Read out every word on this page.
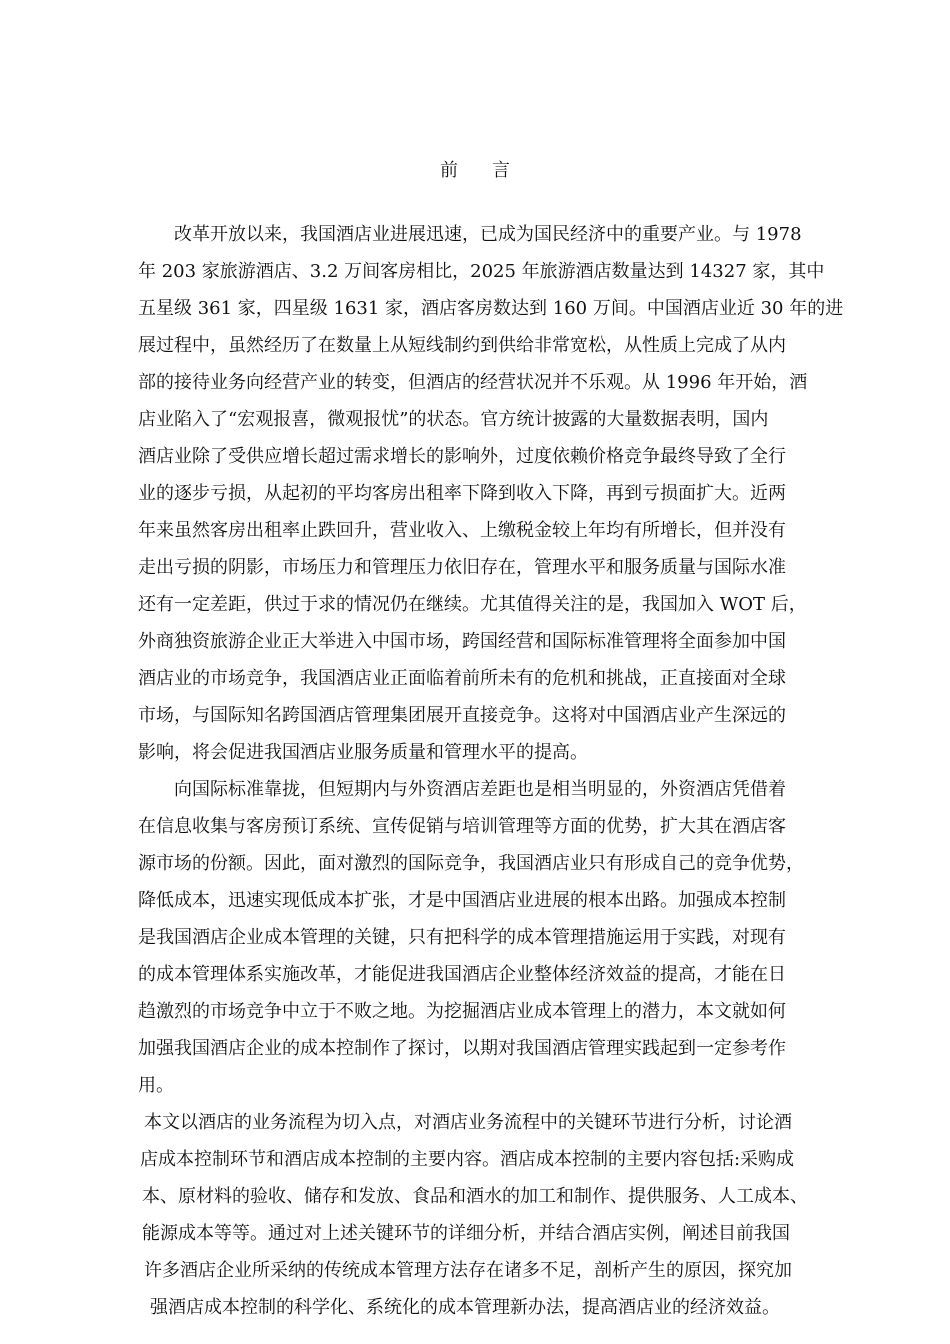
前言
改革开放以来，我国酒店业进展迅速，已成为国民经济中的重要产业。与 1978
年 203 家旅游酒店、3.2 万间客房相比，2025 年旅游酒店数量达到 14327 家，其中
五星级 361 家，四星级 1631 家，酒店客房数达到 160 万间。中国酒店业近 30 年的进
展过程中，虽然经历了在数量上从短线制约到供给非常宽松，从性质上完成了从内
部的接待业务向经营产业的转变，但酒店的经营状况并不乐观。从 1996 年开始，酒
店业陷入了“宏观报喜，微观报忧”的状态。官方统计披露的大量数据表明，国内
酒店业除了受供应增长超过需求增长的影响外，过度依赖价格竞争最终导致了全行
业的逐步亏损，从起初的平均客房出租率下降到收入下降，再到亏损面扩大。近两
年来虽然客房出租率止跌回升，营业收入、上缴税金较上年均有所增长，但并没有
走出亏损的阴影，市场压力和管理压力依旧存在，管理水平和服务质量与国际水准
还有一定差距，供过于求的情况仍在继续。尤其值得关注的是，我国加入 WOT 后，
外商独资旅游企业正大举进入中国市场，跨国经营和国际标准管理将全面参加中国
酒店业的市场竞争，我国酒店业正面临着前所未有的危机和挑战，正直接面对全球
市场，与国际知名跨国酒店管理集团展开直接竞争。这将对中国酒店业产生深远的
影响，将会促进我国酒店业服务质量和管理水平的提高。
向国际标准靠拢，但短期内与外资酒店差距也是相当明显的，外资酒店凭借着
在信息收集与客房预订系统、宣传促销与培训管理等方面的优势，扩大其在酒店客
源市场的份额。因此，面对激烈的国际竞争，我国酒店业只有形成自己的竞争优势，
降低成本，迅速实现低成本扩张，才是中国酒店业进展的根本出路。加强成本控制
是我国酒店企业成本管理的关键，只有把科学的成本管理措施运用于实践，对现有
的成本管理体系实施改革，才能促进我国酒店企业整体经济效益的提高，才能在日
趋激烈的市场竞争中立于不败之地。为挖掘酒店业成本管理上的潜力，本文就如何
加强我国酒店企业的成本控制作了探讨，以期对我国酒店管理实践起到一定参考作
用。
本文以酒店的业务流程为切入点，对酒店业务流程中的关键环节进行分析，讨论酒
店成本控制环节和酒店成本控制的主要内容。酒店成本控制的主要内容包括:采购成
本、原材料的验收、储存和发放、食品和酒水的加工和制作、提供服务、人工成本、
能源成本等等。通过对上述关键环节的详细分析，并结合酒店实例，阐述目前我国
许多酒店企业所采纳的传统成本管理方法存在诸多不足，剖析产生的原因，探究加
强酒店成本控制的科学化、系统化的成本管理新办法，提高酒店业的经济效益。
